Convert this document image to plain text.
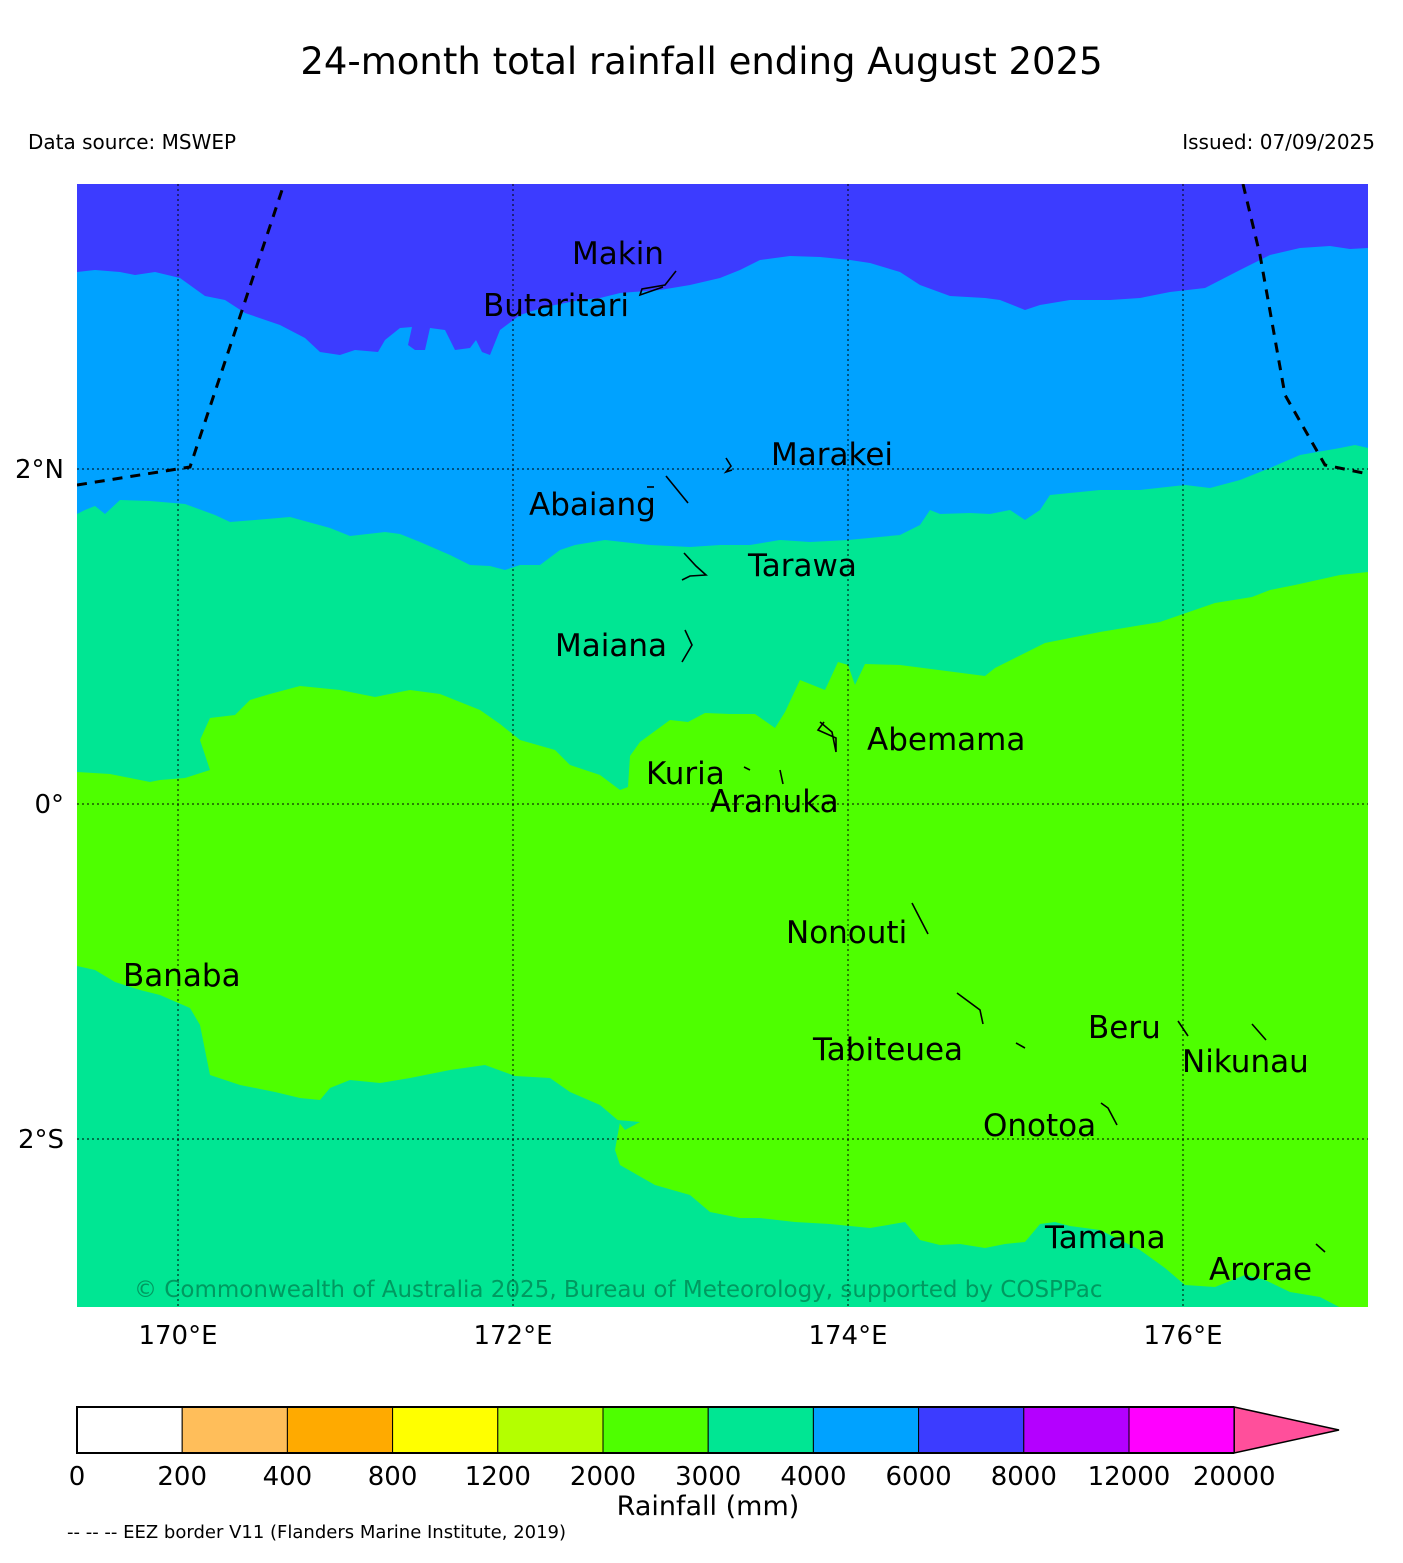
24-month total rainfall ending August 2025
Data source: MSWEP	Issued: 07/09/2025
Makin
Butaritari
Marakei
Abaiang
Tarawa
Maiana
Abemama
Kuria
Aranuka
Nonouti
Banaba
Beru
Tabiteuea	Nikunau
Onotoa
Tamana
Arorae
© Commonwealth of Australia 2025, Bureau of Meteorology, supported by COSPPac
170°E	172°E	174°E	176°E
2°N
0°
2°S
0	200 400 800 1200 2000 3000 4000 6000 8000 12000 20000
Rainfall (mm)
-- -- -- EEZ border V11 (Flanders Marine Institute, 2019)
